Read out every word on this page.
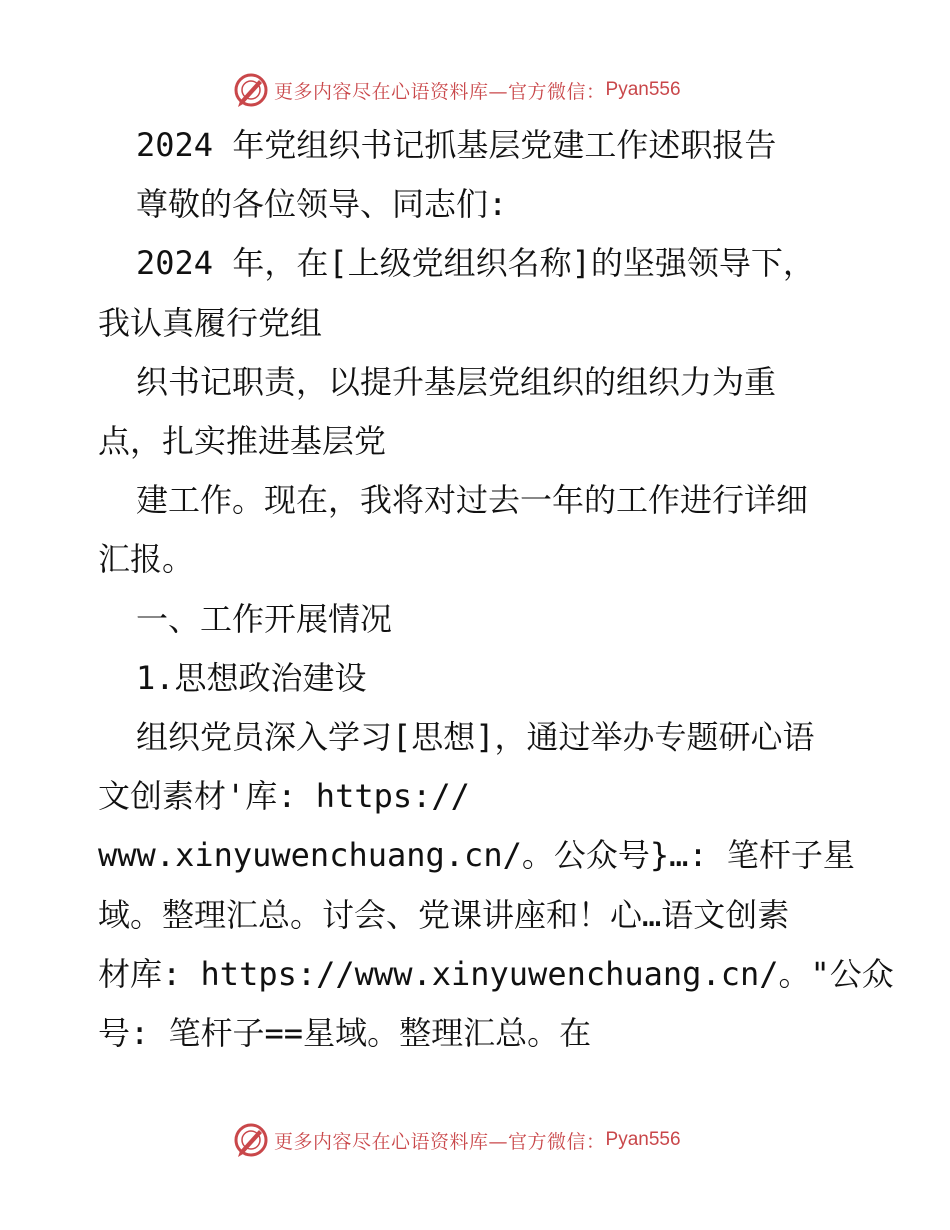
更多内容尽在心语资料库—官方微信： Pyan556

2024 年党组织书记抓基层党建工作述职报告

尊敬的各位领导、同志们:

2024 年，在[上级党组织名称]的坚强领导下，

我认真履行党组

织书记职责，以提升基层党组织的组织力为重

点，扎实推进基层党

建工作。现在，我将对过去一年的工作进行详细

汇报。

一、工作开展情况

1.思想政治建设

组织党员深入学习[思想]，通过举办专题研心语

文创素材'库: https://

www.xinyuwenchuang.cn/。公众号}…: 笔杆子星

域。整理汇总。讨会、党课讲座和！心…语文创素

材库: https://www.xinyuwenchuang.cn/。"公众

号: 笔杆子==星域。整理汇总。在

更多内容尽在心语资料库—官方微信： Pyan556
